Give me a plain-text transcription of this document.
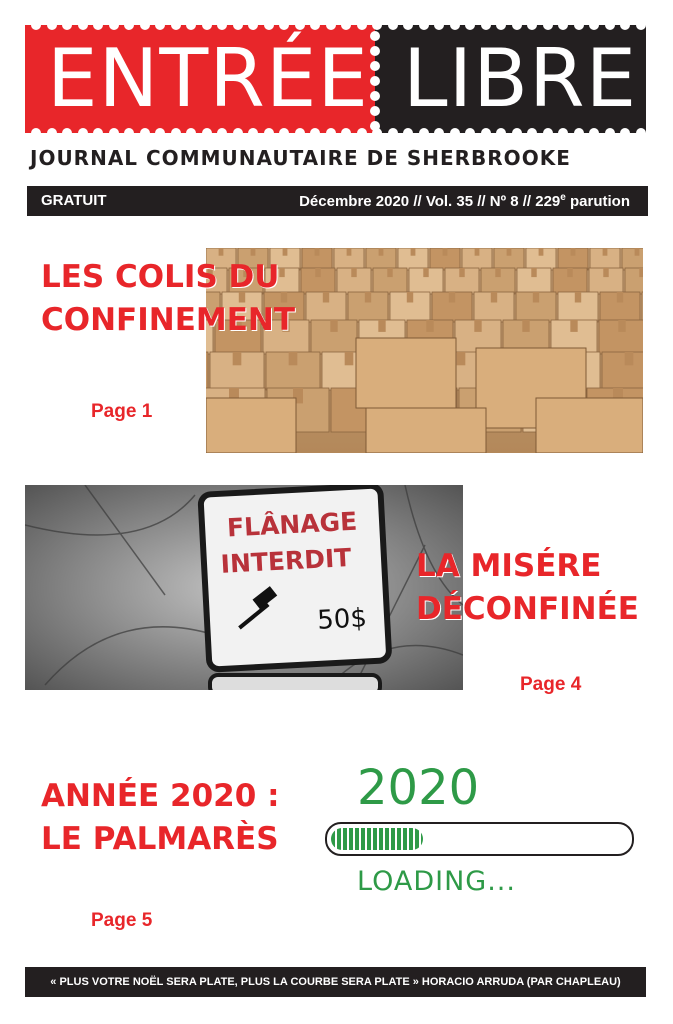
ENTRÉE LIBRE
JOURNAL COMMUNAUTAIRE DE SHERBROOKE
GRATUIT	Décembre 2020 // Vol. 35 // Nº 8 // 229e parution
LES COLIS DU
CONFINEMENT
Page 1
FLÂNAGE
INTERDIT
50$
LA MISÉRE
DÉCONFINÉE
Page 4
ANNÉE 2020 :
LE PALMARÈS
Page 5
2020
LOADING...
« PLUS VOTRE NOËL SERA PLATE, PLUS LA COURBE SERA PLATE » HORACIO ARRUDA (PAR CHAPLEAU)
